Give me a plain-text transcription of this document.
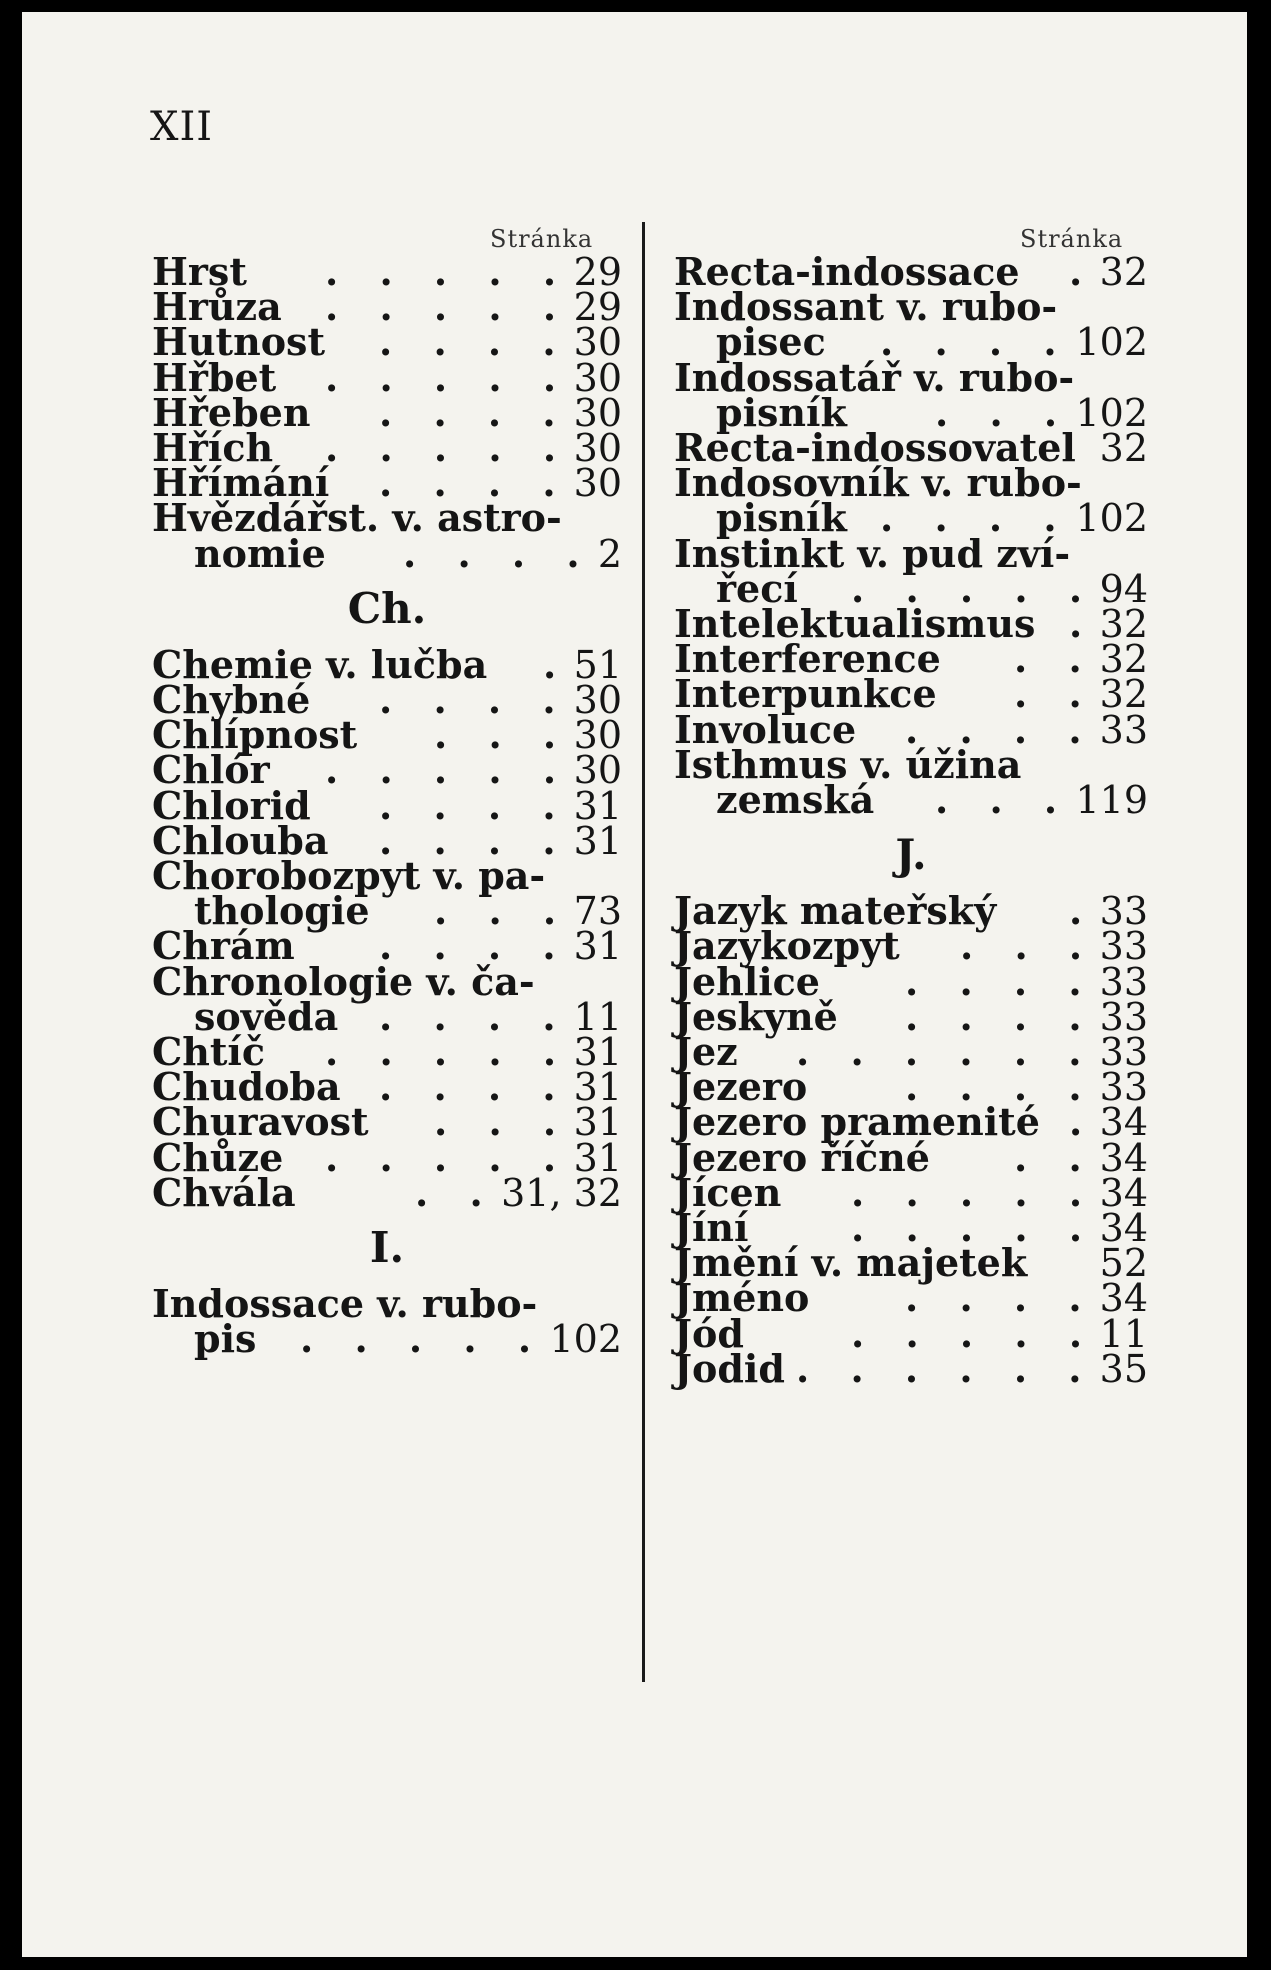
XII
Stránka	Stránka
Hrst	29
. . . . .
Hrůza	29
. . . . .
Hutnost	30
. . . .
Hřbet	30
. . . . .
Hřeben	30
. . . .
Hřích	30
. . . . .
Hřímání	30
. . . .
Hvězdářst. v. astro-
nomie	2
. . . .
Ch.
Chemie v. lučba 51
.
Chybné	30
. . . .
Chlípnost	30
. . .
Chlór	30
. . . . .
Chlorid	31
. . . .
Chlouba	31
. . . .
Chorobozpyt v. pa-
thologie	73
. . .
Chrám	31
. . . .
Chronologie v. ča-
sověda	11
. . . .
Chtíč	31
. . . . .
Chudoba	31
. . . .
Churavost	31
. . .
Chůze	31
. . . . .
Chvála	31, 32
. .
I.
Indossace v. rubo-
pis	102
. . . . .
Recta-indossace 32
.
Indossant v. rubo-
pisec	102
. . . .
Indossatář v. rubo-
pisník	102
. . .
Recta-indossovatel 32
Indosovník v. rubo-
pisník	102
. . . .
Instinkt v. pud zví-
řecí	94
. . . . .
Intelektualismus 32
.
Interference	32
. .
Interpunkce	32
. .
Involuce	33
. . . .
Isthmus v. úžina
zemská	119
. . .
J.
Jazyk mateřský	33
.
Jazykozpyt	33
. . .
Jehlice	33
. . . .
Jeskyně	33
. . . .
Jez	33
. . . . . .
Jezero	33
. . . .
Jezero pramenité 34
.
Jezero říčné	34
. .
Jícen	34
. . . . .
Jíní	34
. . . . .
Jmění v. majetek 52
Jméno	34
. . . .
Jód	11
. . . . .
Jodid	35
. . . . . .
